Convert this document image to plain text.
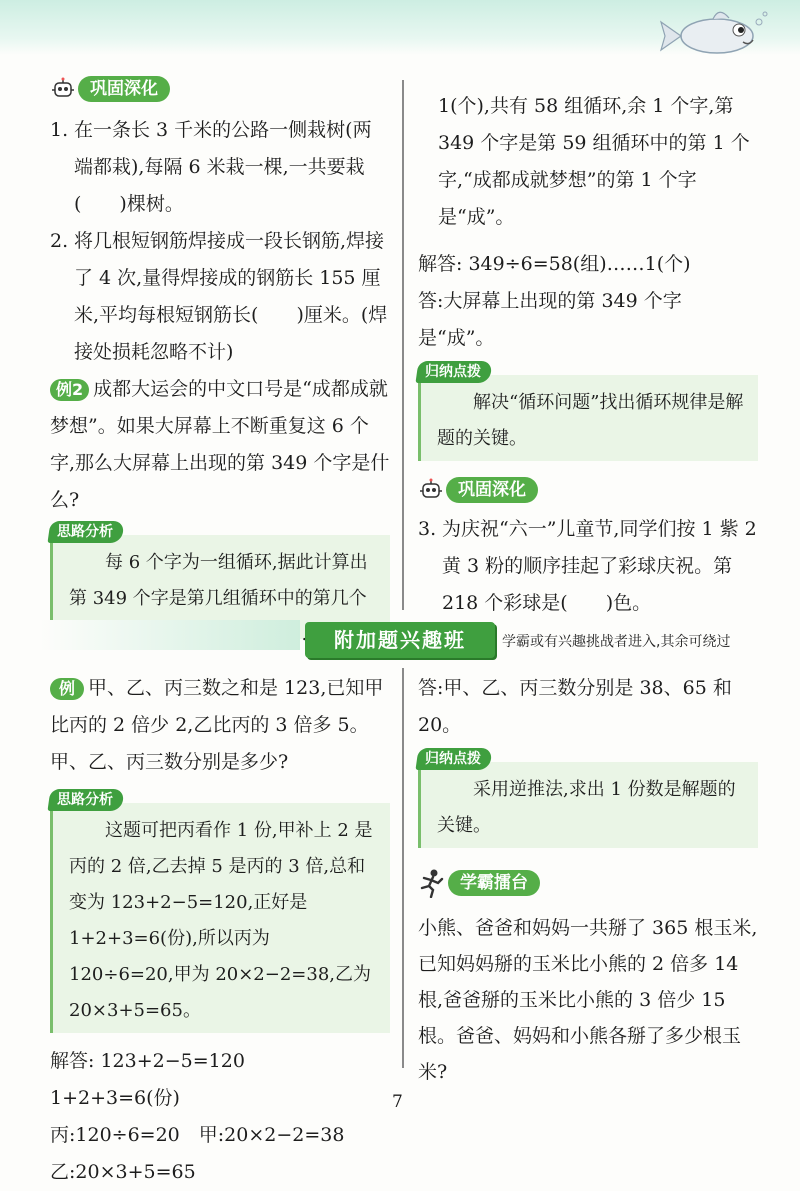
巩固深化
1. 在一条长 3 千米的公路一侧栽树(两端都栽),每隔 6 米栽一棵,一共要栽(　　)棵树。
2. 将几根短钢筋焊接成一段长钢筋,焊接了 4 次,量得焊接成的钢筋长 155 厘米,平均每根短钢筋长(　　)厘米。(焊接处损耗忽略不计)

例2 成都大运会的中文口号是“成都成就梦想”。如果大屏幕上不断重复这 6 个字,那么大屏幕上出现的第 349 个字是什么?

思路分析
每 6 个字为一组循环,据此计算出第 349 个字是第几组循环中的第几个
1(个),共有 58 组循环,余 1 个字,第 349 个字是第 59 组循环中的第 1 个字,“成都成就梦想”的第 1 个字是“成”。

解答: 349÷6=58(组)……1(个)

答:大屏幕上出现的第 349 个字是“成”。

归纳点拨
解决“循环问题”找出循环规律是解题的关键。
巩固深化
3. 为庆祝“六一”儿童节,同学们按 1 紫 2 黄 3 粉的顺序挂起了彩球庆祝。第 218 个彩球是(　　)色。
附加题兴趣班	学霸或有兴趣挑战者进入,其余可绕过

例 甲、乙、丙三数之和是 123,已知甲比丙的 2 倍少 2,乙比丙的 3 倍多 5。甲、乙、丙三数分别是多少?

思路分析
这题可把丙看作 1 份,甲补上 2 是丙的 2 倍,乙去掉 5 是丙的 3 倍,总和变为 123+2−5=120,正好是 1+2+3=6(份),所以丙为 120÷6=20,甲为 20×2−2=38,乙为 20×3+5=65。

解答: 123+2−5=120　1+2+3=6(份)

丙:120÷6=20　甲:20×2−2=38

乙:20×3+5=65

答:甲、乙、丙三数分别是 38、65 和 20。

归纳点拨
采用逆推法,求出 1 份数是解题的关键。
学霸擂台

小熊、爸爸和妈妈一共掰了 365 根玉米,已知妈妈掰的玉米比小熊的 2 倍多 14 根,爸爸掰的玉米比小熊的 3 倍少 15 根。爸爸、妈妈和小熊各掰了多少根玉米?

7
